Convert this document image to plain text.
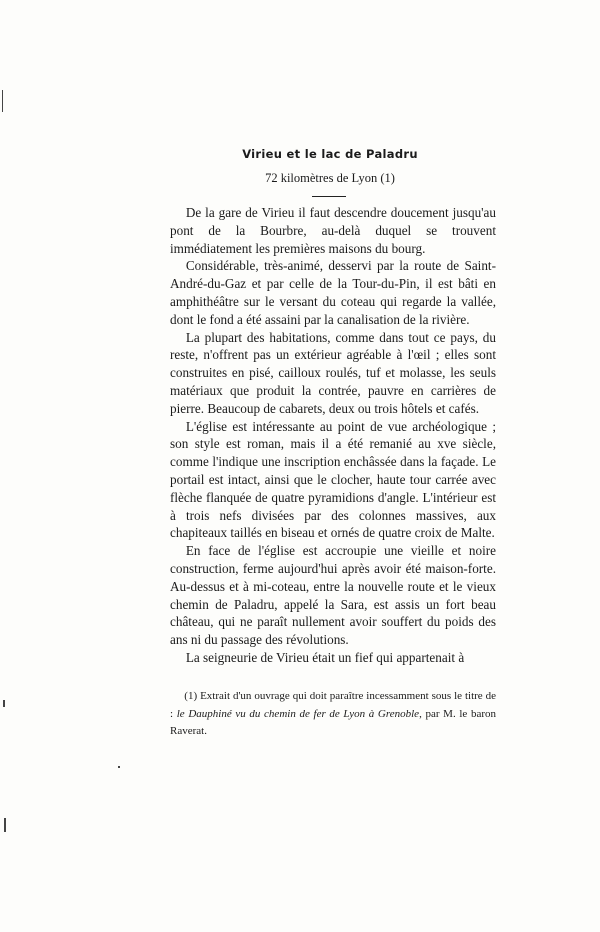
Virieu et le lac de Paladru
72 kilomètres de Lyon (1)

De la gare de Virieu il faut descendre doucement jusqu'au pont de la Bourbre, au-delà duquel se trouvent immédiatement les premières maisons du bourg.

Considérable, très-animé, desservi par la route de Saint-André-du-Gaz et par celle de la Tour-du-Pin, il est bâti en amphithéâtre sur le versant du coteau qui regarde la vallée, dont le fond a été assaini par la canalisation de la rivière.

La plupart des habitations, comme dans tout ce pays, du reste, n'offrent pas un extérieur agréable à l'œil ; elles sont construites en pisé, cailloux roulés, tuf et molasse, les seuls matériaux que produit la contrée, pauvre en carrières de pierre. Beaucoup de cabarets, deux ou trois hôtels et cafés.

L'église est intéressante au point de vue archéologique ; son style est roman, mais il a été remanié au xve siècle, comme l'indique une inscription enchâssée dans la façade. Le portail est intact, ainsi que le clocher, haute tour carrée avec flèche flanquée de quatre pyramidions d'angle. L'intérieur est à trois nefs divisées par des colonnes massives, aux chapiteaux taillés en biseau et ornés de quatre croix de Malte.

En face de l'église est accroupie une vieille et noire construction, ferme aujourd'hui après avoir été maison-forte. Au-dessus et à mi-coteau, entre la nouvelle route et le vieux chemin de Paladru, appelé la Sara, est assis un fort beau château, qui ne paraît nullement avoir souffert du poids des ans ni du passage des révolutions.

La seigneurie de Virieu était un fief qui appartenait à

(1) Extrait d'un ouvrage qui doit paraître incessamment sous le titre de : le Dauphiné vu du chemin de fer de Lyon à Grenoble, par M. le baron Raverat.
